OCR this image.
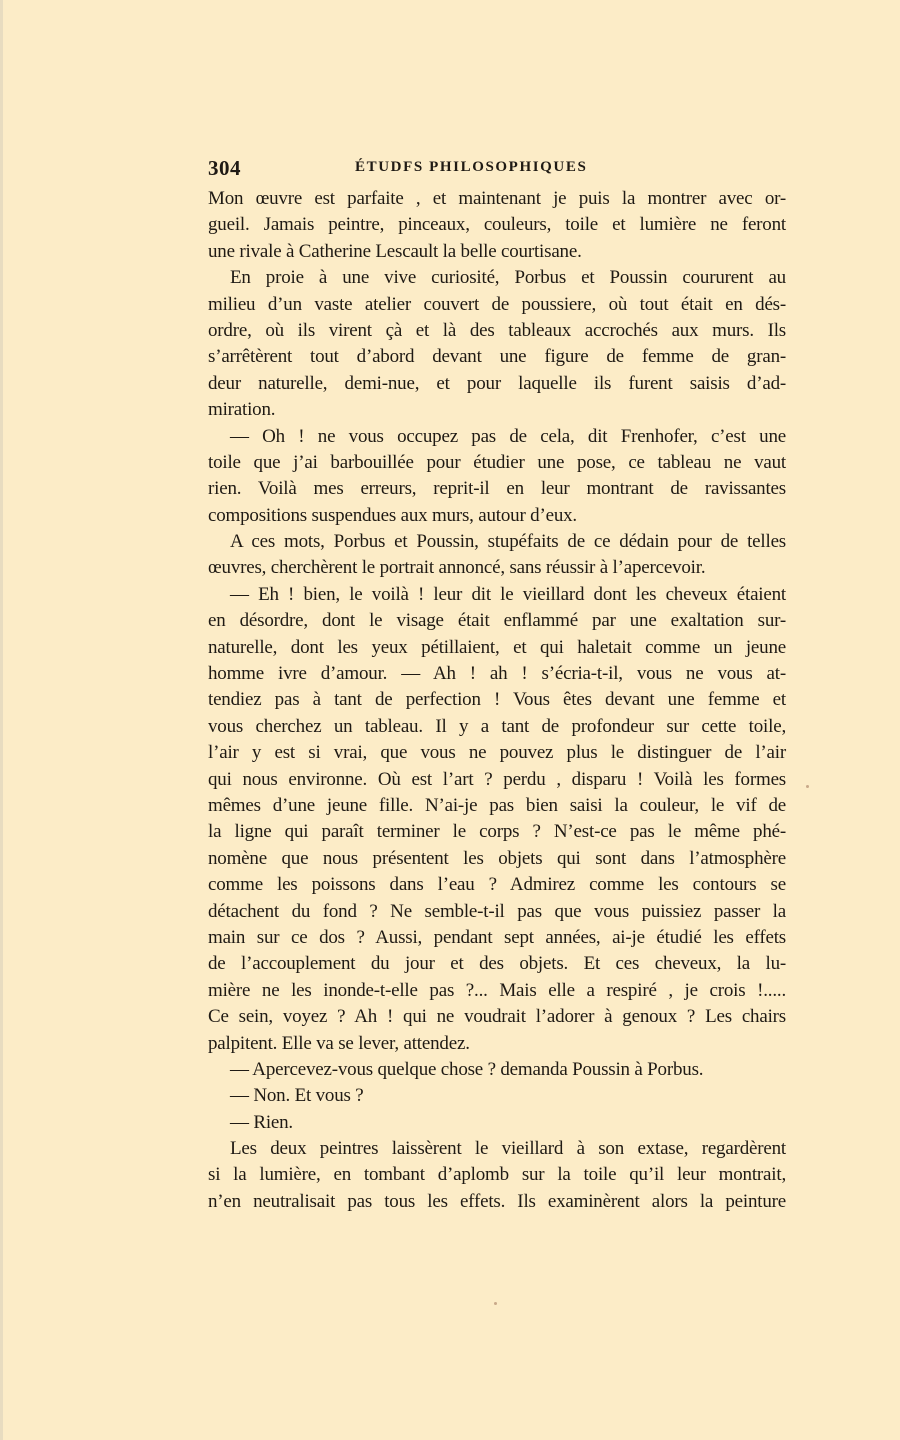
304	ÉTUDFS PHILOSOPHIQUES
Mon œuvre est parfaite , et maintenant je puis la montrer avec or-
gueil. Jamais peintre, pinceaux, couleurs, toile et lumière ne feront
une rivale à Catherine Lescault la belle courtisane.
En proie à une vive curiosité, Porbus et Poussin coururent au
milieu d’un vaste atelier couvert de poussiere, où tout était en dés-
ordre, où ils virent çà et là des tableaux accrochés aux murs. Ils
s’arrêtèrent tout d’abord devant une figure de femme de gran-
deur naturelle, demi-nue, et pour laquelle ils furent saisis d’ad-
miration.
— Oh ! ne vous occupez pas de cela, dit Frenhofer, c’est une
toile que j’ai barbouillée pour étudier une pose, ce tableau ne vaut
rien. Voilà mes erreurs, reprit-il en leur montrant de ravissantes
compositions suspendues aux murs, autour d’eux.
A ces mots, Porbus et Poussin, stupéfaits de ce dédain pour de telles
œuvres, cherchèrent le portrait annoncé, sans réussir à l’apercevoir.
— Eh ! bien, le voilà ! leur dit le vieillard dont les cheveux étaient
en désordre, dont le visage était enflammé par une exaltation sur-
naturelle, dont les yeux pétillaient, et qui haletait comme un jeune
homme ivre d’amour. — Ah ! ah ! s’écria-t-il, vous ne vous at-
tendiez pas à tant de perfection ! Vous êtes devant une femme et
vous cherchez un tableau. Il y a tant de profondeur sur cette toile,
l’air y est si vrai, que vous ne pouvez plus le distinguer de l’air
qui nous environne. Où est l’art ? perdu , disparu ! Voilà les formes
mêmes d’une jeune fille. N’ai-je pas bien saisi la couleur, le vif de
la ligne qui paraît terminer le corps ? N’est-ce pas le même phé-
nomène que nous présentent les objets qui sont dans l’atmosphère
comme les poissons dans l’eau ? Admirez comme les contours se
détachent du fond ? Ne semble-t-il pas que vous puissiez passer la
main sur ce dos ? Aussi, pendant sept années, ai-je étudié les effets
de l’accouplement du jour et des objets. Et ces cheveux, la lu-
mière ne les inonde-t-elle pas ?... Mais elle a respiré , je crois !.....
Ce sein, voyez ? Ah ! qui ne voudrait l’adorer à genoux ? Les chairs
palpitent. Elle va se lever, attendez.
— Apercevez-vous quelque chose ? demanda Poussin à Porbus.
— Non. Et vous ?
— Rien.
Les deux peintres laissèrent le vieillard à son extase, regardèrent
si la lumière, en tombant d’aplomb sur la toile qu’il leur montrait,
n’en neutralisait pas tous les effets. Ils examinèrent alors la peinture
